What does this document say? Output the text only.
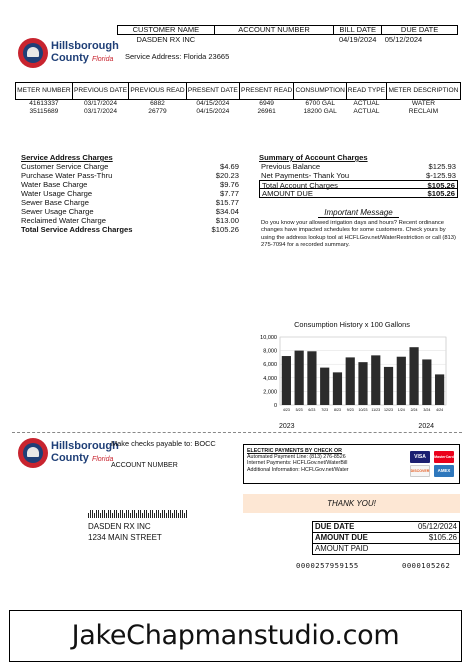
Hillsborough
County Florida
CUSTOMER NAME	ACCOUNT NUMBER	BILL DATE	DUE DATE
DASDEN RX INC		04/19/2024	05/12/2024
Service Address: Florida 23665
METER NUMBER	PREVIOUS DATE	PREVIOUS READ	PRESENT DATE	PRESENT READ	CONSUMPTION	READ TYPE	METER DESCRIPTION
41613337	03/17/2024	6882	04/15/2024	6949	6700 GAL	ACTUAL	WATER
35115689	03/17/2024	26779	04/15/2024	26961	18200 GAL	ACTUAL	RECLAIM
Service Address Charges
Customer Service Charge	$4.69
Purchase Water Pass-Thru	$20.23
Water Base Charge	$9.76
Water Usage Charge	$7.77
Sewer Base Charge	$15.77
Sewer Usage Charge	$34.04
Reclaimed Water Charge	$13.00
Total Service Address Charges	$105.26
Summary of Account Charges
Previous Balance	$125.93
Net Payments- Thank You	$-125.93
Total Account Charges	$105.26
AMOUNT DUE	$105.26
Important Message
Do you know your allowed irrigation days and hours? Recent ordinance changes have impacted schedules for some customers. Check yours by using the address lookup tool at HCFLGov.net/WaterRestriction or call (813) 275-7094 for a recorded summary.
Consumption History x 100 Gallons
0
2,000
4,000
6,000
8,000
10,000
4/23 5/23 6/23 7/23 8/23 9/23 10/23 11/23 12/23 1/24 2/24 3/24 4/24
2023	2024
Hillsborough
County Florida
Make checks payable to: BOCC
ACCOUNT NUMBER
ELECTRIC PAYMENTS BY CHECK OR
Automated Payment Line: (813) 276-8526
Internet Payments: HCFLGov.net/WaterBill
Additional Information: HCFLGov.net/Water
VISA	MasterCard
DISCOVER	AMEX
THANK YOU!
DASDEN RX INC
1234 MAIN STREET
DUE DATE	05/12/2024
AMOUNT DUE	$105.26
AMOUNT PAID	
0000257959155	0000105262
JakeChapmanstudio.com
